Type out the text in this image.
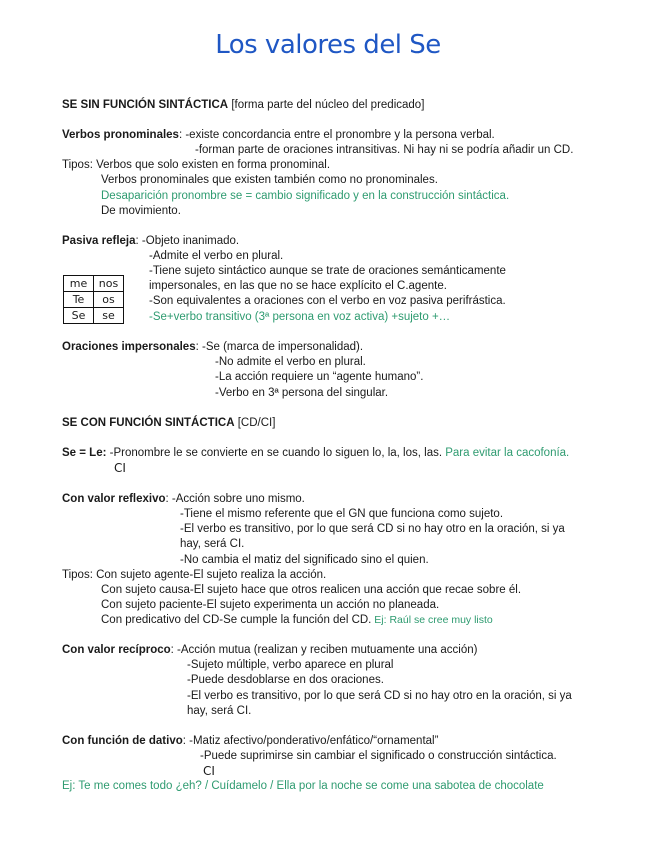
Los valores del Se
SE SIN FUNCIÓN SINTÁCTICA [forma parte del núcleo del predicado]
Verbos pronominales: -existe concordancia entre el pronombre y la persona verbal.
-forman parte de oraciones intransitivas. Ni hay ni se podría añadir un CD.
Tipos: Verbos que solo existen en forma pronominal.
Verbos pronominales que existen también como no pronominales.
Desaparición pronombre se = cambio significado y en la construcción sintáctica.
De movimiento.
Pasiva refleja: -Objeto inanimado.
-Admite el verbo en plural.
-Tiene sujeto sintáctico aunque se trate de oraciones semánticamente
impersonales, en las que no se hace explícito el C.agente.
-Son equivalentes a oraciones con el verbo en voz pasiva perifrástica.
-Se+verbo transitivo (3ª persona en voz activa) +sujeto +…
me	nos
Te	os
Se	se
Oraciones impersonales: -Se (marca de impersonalidad).
-No admite el verbo en plural.
-La acción requiere un “agente humano”.
-Verbo en 3ª persona del singular.
SE CON FUNCIÓN SINTÁCTICA [CD/CI]
Se = Le: -Pronombre le se convierte en se cuando lo siguen lo, la, los, las. Para evitar la cacofonía.
CI
Con valor reflexivo: -Acción sobre uno mismo.
-Tiene el mismo referente que el GN que funciona como sujeto.
-El verbo es transitivo, por lo que será CD si no hay otro en la oración, si ya
hay, será CI.
-No cambia el matiz del significado sino el quien.
Tipos: Con sujeto agente-El sujeto realiza la acción.
Con sujeto causa-El sujeto hace que otros realicen una acción que recae sobre él.
Con sujeto paciente-El sujeto experimenta un acción no planeada.
Con predicativo del CD-Se cumple la función del CD. Ej: Raúl se cree muy listo
Con valor recíproco: -Acción mutua (realizan y reciben mutuamente una acción)
-Sujeto múltiple, verbo aparece en plural
-Puede desdoblarse en dos oraciones.
-El verbo es transitivo, por lo que será CD si no hay otro en la oración, si ya
hay, será CI.
Con función de dativo: -Matiz afectivo/ponderativo/enfático/“ornamental”
-Puede suprimirse sin cambiar el significado o construcción sintáctica.
CI
Ej: Te me comes todo ¿eh? / Cuídamelo / Ella por la noche se come una sabotea de chocolate
